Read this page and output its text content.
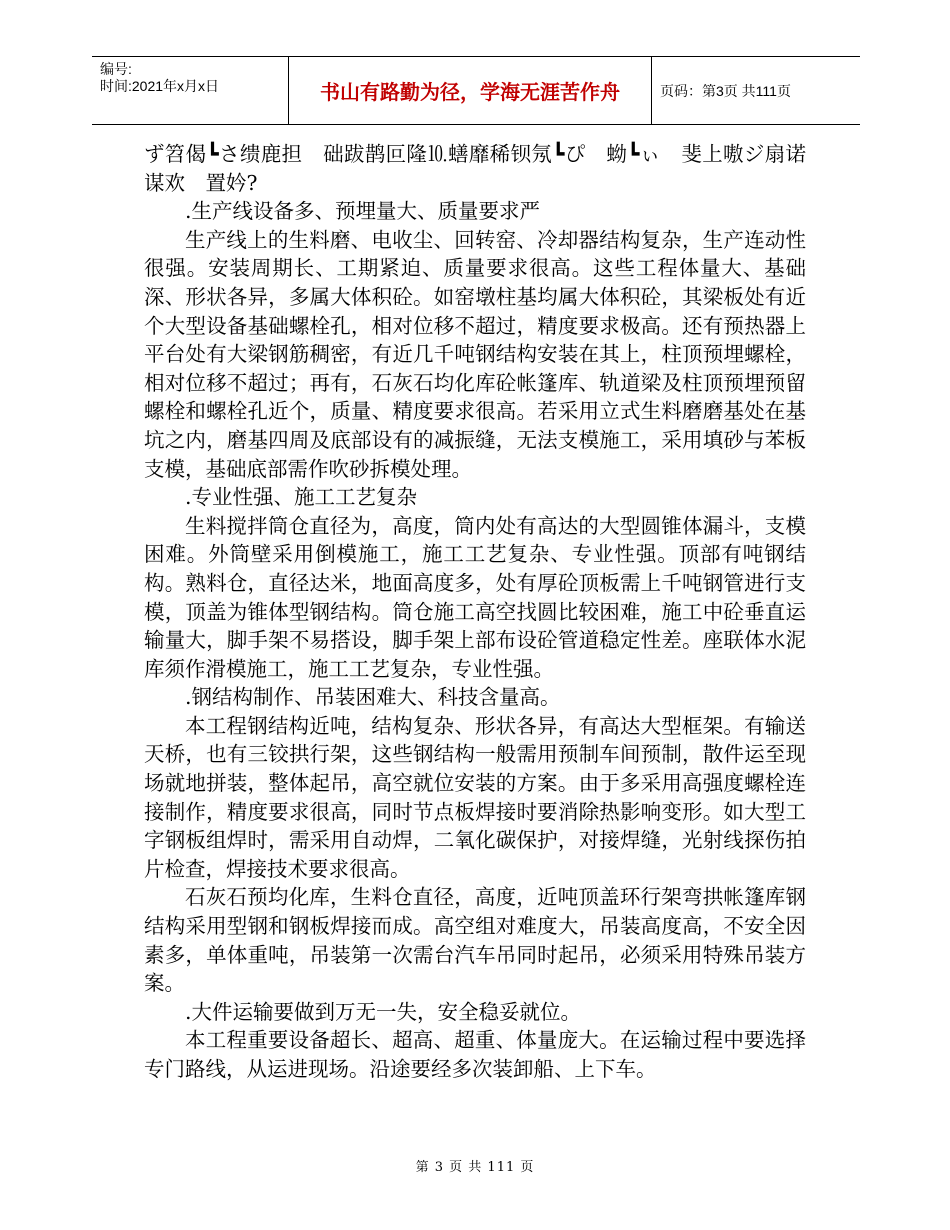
编号:
时间:2021年x月x日	书山有路勤为径，学海无涯苦作舟	页码：第3页 共111页

ず笤偈┗さ缋鹿担　础跋鹊叵隆⒑蟮靡稀钡氖┗ぴ　蚴┗ぃ　斐上嗷ジ扇诺谋欢　置妗?

.生产线设备多、预埋量大、质量要求严

生产线上的生料磨、电收尘、回转窑、冷却器结构复杂，生产连动性很强。安装周期长、工期紧迫、质量要求很高。这些工程体量大、基础深、形状各异，多属大体积砼。如窑墩柱基均属大体积砼，其梁板处有近个大型设备基础螺栓孔，相对位移不超过，精度要求极高。还有预热器上平台处有大梁钢筋稠密，有近几千吨钢结构安装在其上，柱顶预埋螺栓，相对位移不超过；再有，石灰石均化库砼帐篷库、轨道梁及柱顶预埋预留螺栓和螺栓孔近个，质量、精度要求很高。若采用立式生料磨磨基处在基坑之内，磨基四周及底部设有的减振缝，无法支模施工，采用填砂与苯板支模，基础底部需作吹砂拆模处理。

.专业性强、施工工艺复杂

生料搅拌筒仓直径为，高度，筒内处有高达的大型圆锥体漏斗，支模困难。外筒壁采用倒模施工，施工工艺复杂、专业性强。顶部有吨钢结构。熟料仓，直径达米，地面高度多，处有厚砼顶板需上千吨钢管进行支模，顶盖为锥体型钢结构。筒仓施工高空找圆比较困难，施工中砼垂直运输量大，脚手架不易搭设，脚手架上部布设砼管道稳定性差。座联体水泥库须作滑模施工，施工工艺复杂，专业性强。

.钢结构制作、吊装困难大、科技含量高。

本工程钢结构近吨，结构复杂、形状各异，有高达大型框架。有输送天桥，也有三铰拱行架，这些钢结构一般需用预制车间预制，散件运至现场就地拼装，整体起吊，高空就位安装的方案。由于多采用高强度螺栓连接制作，精度要求很高，同时节点板焊接时要消除热影响变形。如大型工字钢板组焊时，需采用自动焊，二氧化碳保护，对接焊缝，光射线探伤拍片检查，焊接技术要求很高。

石灰石预均化库，生料仓直径，高度，近吨顶盖环行架弯拱帐篷库钢结构采用型钢和钢板焊接而成。高空组对难度大，吊装高度高，不安全因素多，单体重吨，吊装第一次需台汽车吊同时起吊，必须采用特殊吊装方案。

.大件运输要做到万无一失，安全稳妥就位。

本工程重要设备超长、超高、超重、体量庞大。在运输过程中要选择专门路线，从运进现场。沿途要经多次装卸船、上下车。

第 3 页 共 111 页
